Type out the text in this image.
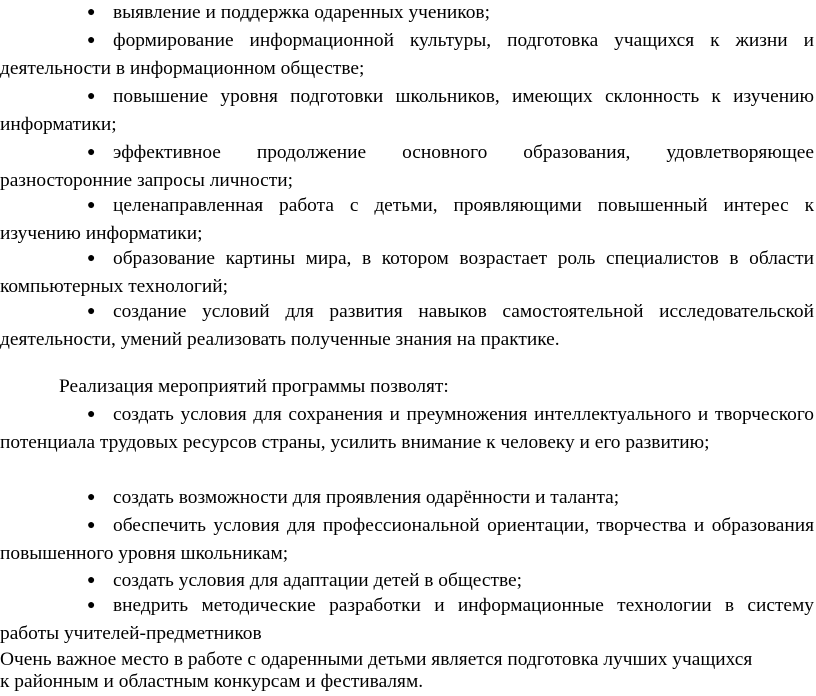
● выявление и поддержка одаренных учеников;

● формирование информационной культуры, подготовка учащихся к жизни и деятельности в информационном обществе;

● повышение уровня подготовки школьников, имеющих склонность к изучению информатики;

● эффективное продолжение основного образования, удовлетворяющее разносторонние запросы личности;

● целенаправленная работа с детьми, проявляющими повышенный интерес к изучению информатики;

● образование картины мира, в котором возрастает роль специалистов в области компьютерных технологий;

● создание условий для развития навыков самостоятельной исследовательской деятельности, умений реализовать полученные знания на практике.

Реализация мероприятий программы позволят:

● создать условия для сохранения и преумножения интеллектуального и творческого потенциала трудовых ресурсов страны, усилить внимание к человеку и его развитию;

● создать возможности для проявления одарённости и таланта;

● обеспечить условия для профессиональной ориентации, творчества и образования повышенного уровня школьникам;

● создать условия для адаптации детей в обществе;

● внедрить методические разработки и информационные технологии в систему работы учителей-предметников

Очень важное место в работе с одаренными детьми является подготовка лучших учащихся

к районным и областным конкурсам и фестивалям.
